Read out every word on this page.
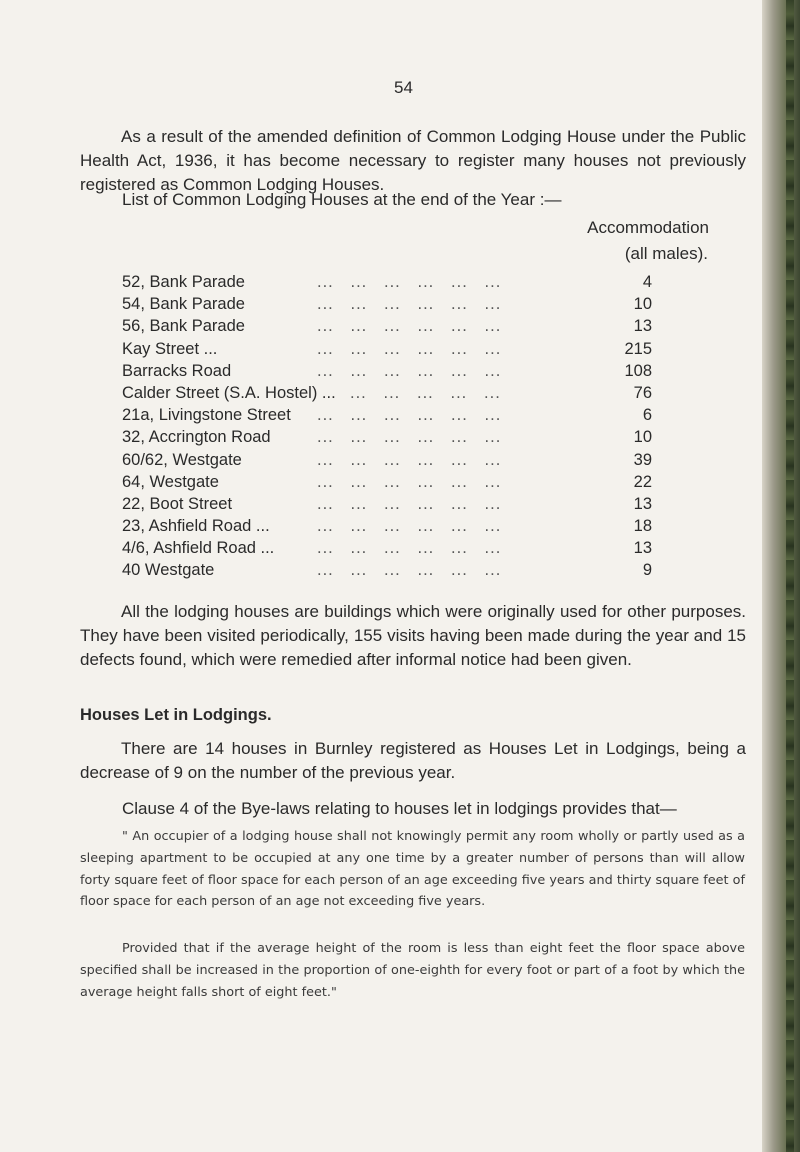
54

As a result of the amended definition of Common Lodging House under the Public Health Act, 1936, it has become necessary to register many houses not previously registered as Common Lodging Houses.

List of Common Lodging Houses at the end of the Year :—
Accommodation
(all males).
52, Bank Parade	...   ...   ...   ...   ...   ...	4
54, Bank Parade	...   ...   ...   ...   ...   ...	10
56, Bank Parade	...   ...   ...   ...   ...   ...	13
Kay Street ...	...   ...   ...   ...   ...   ...	215
Barracks Road	...   ...   ...   ...   ...   ...	108
Calder Street (S.A. Hostel) ... ...   ...   ...   ...   ...	76
21a, Livingstone Street ...   ...   ...   ...   ...   ...	6
32, Accrington Road	...   ...   ...   ...   ...   ...	10
60/62, Westgate	...   ...   ...   ...   ...   ...	39
64, Westgate	...   ...   ...   ...   ...   ...	22
22, Boot Street	...   ...   ...   ...   ...   ...	13
23, Ashfield Road ...	...   ...   ...   ...   ...   ...	18
4/6, Ashfield Road ...	...   ...   ...   ...   ...   ...	13
40 Westgate	...   ...   ...   ...   ...   ...	9

All the lodging houses are buildings which were originally used for other purposes. They have been visited periodically, 155 visits having been made during the year and 15 defects found, which were remedied after informal notice had been given.

Houses Let in Lodgings.

There are 14 houses in Burnley registered as Houses Let in Lodgings, being a decrease of 9 on the number of the previous year.

Clause 4 of the Bye-laws relating to houses let in lodgings provides that—

" An occupier of a lodging house shall not knowingly permit any room wholly or partly used as a sleeping apartment to be occupied at any one time by a greater number of persons than will allow forty square feet of floor space for each person of an age exceeding five years and thirty square feet of floor space for each person of an age not exceeding five years.

Provided that if the average height of the room is less than eight feet the floor space above specified shall be increased in the proportion of one-eighth for every foot or part of a foot by which the average height falls short of eight feet."
